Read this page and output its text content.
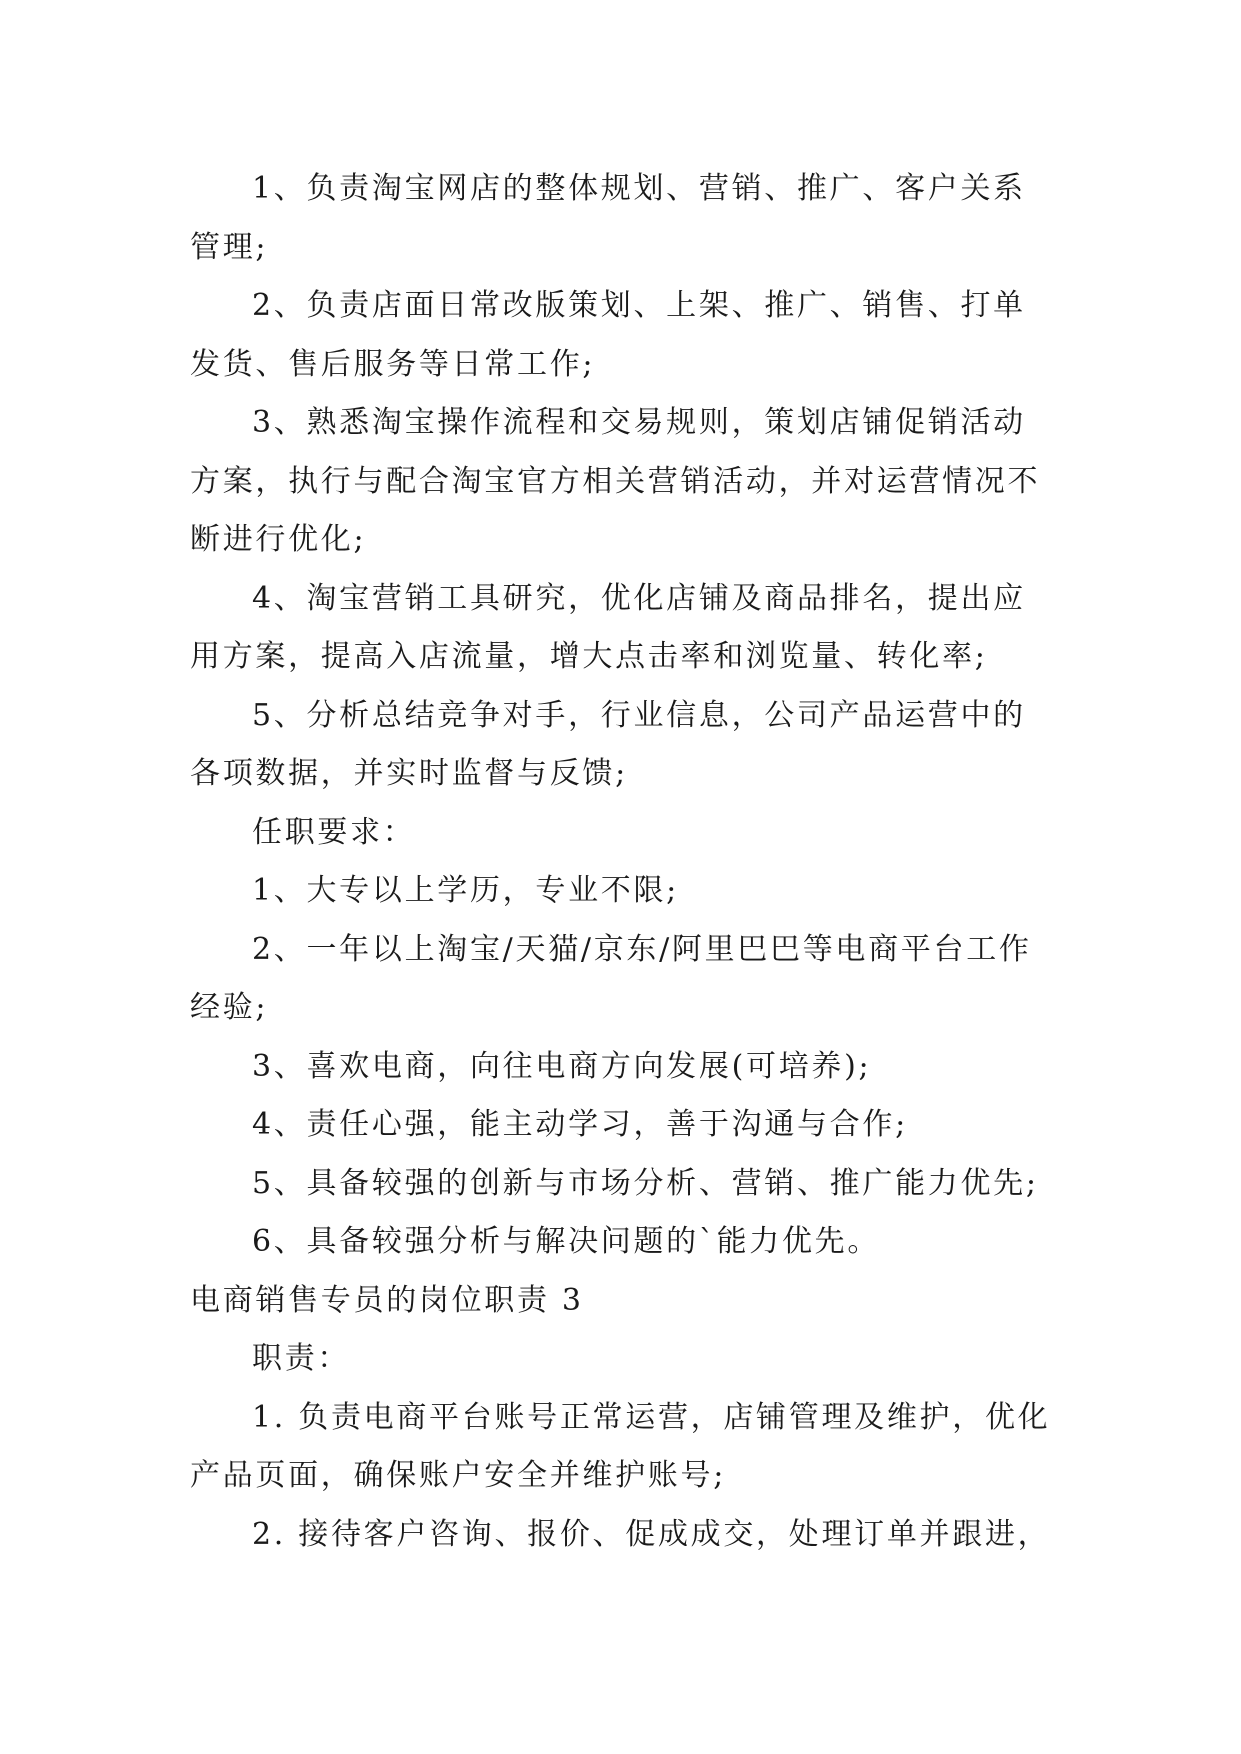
1、负责淘宝网店的整体规划、营销、推广、客户关系
管理;
2、负责店面日常改版策划、上架、推广、销售、打单
发货、售后服务等日常工作;
3、熟悉淘宝操作流程和交易规则，策划店铺促销活动
方案，执行与配合淘宝官方相关营销活动，并对运营情况不
断进行优化;
4、淘宝营销工具研究，优化店铺及商品排名，提出应
用方案，提高入店流量，增大点击率和浏览量、转化率;
5、分析总结竞争对手，行业信息，公司产品运营中的
各项数据，并实时监督与反馈;
任职要求：
1、大专以上学历，专业不限;
2、一年以上淘宝/天猫/京东/阿里巴巴等电商平台工作
经验;
3、喜欢电商，向往电商方向发展(可培养);
4、责任心强，能主动学习，善于沟通与合作;
5、具备较强的创新与市场分析、营销、推广能力优先;
6、具备较强分析与解决问题的`能力优先。
电商销售专员的岗位职责 3
职责：
1. 负责电商平台账号正常运营，店铺管理及维护，优化
产品页面，确保账户安全并维护账号;
2. 接待客户咨询、报价、促成成交，处理订单并跟进，
